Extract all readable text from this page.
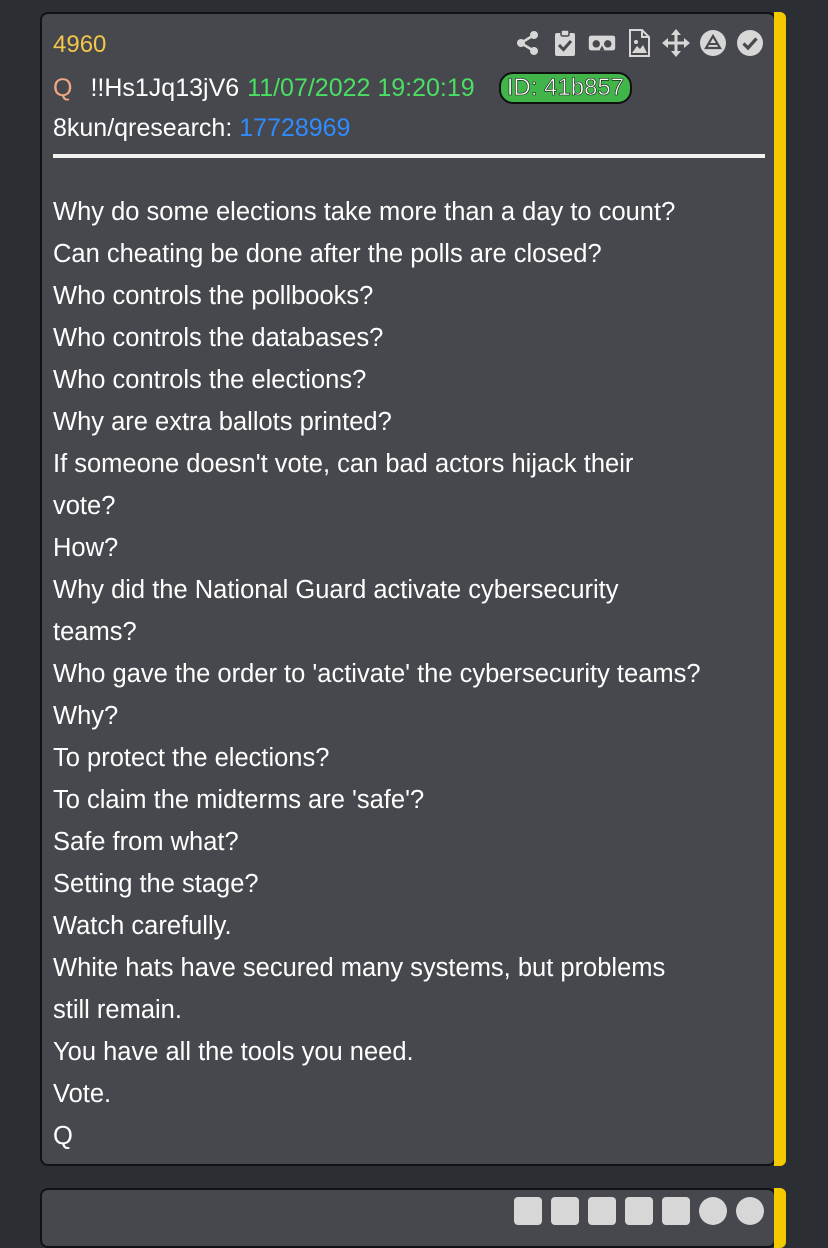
4960
Q !!Hs1Jq13jV6 11/07/2022 19:20:19	ID: 41b857
8kun/qresearch: 17728969
Why do some elections take more than a day to count?
Can cheating be done after the polls are closed?
Who controls the pollbooks?
Who controls the databases?
Who controls the elections?
Why are extra ballots printed?
If someone doesn't vote, can bad actors hijack their
vote?
How?
Why did the National Guard activate cybersecurity
teams?
Who gave the order to 'activate' the cybersecurity teams?
Why?
To protect the elections?
To claim the midterms are 'safe'?
Safe from what?
Setting the stage?
Watch carefully.
White hats have secured many systems, but problems
still remain.
You have all the tools you need.
Vote.
Q
